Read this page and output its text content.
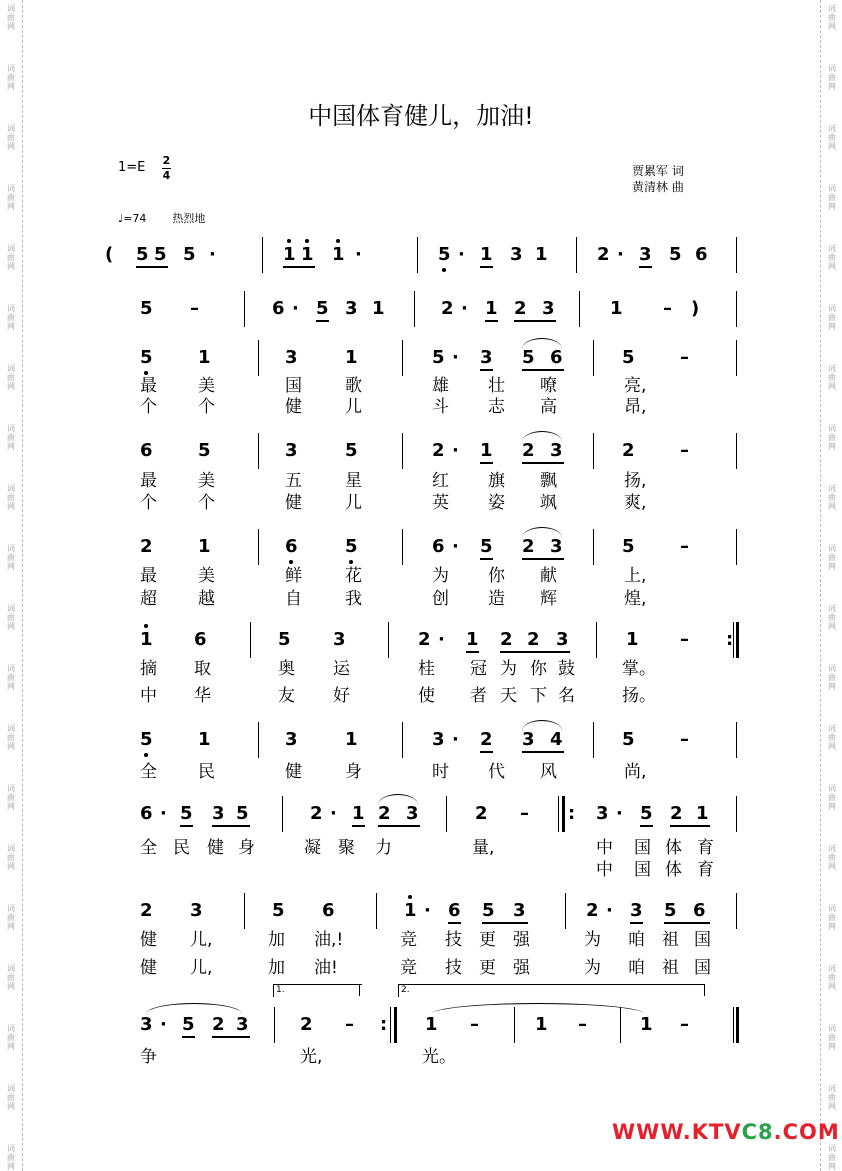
词
曲
网
词
曲
网
词
曲
网
词
曲
网
词
曲
网
词
曲
网
词
曲
网
词
曲
网
词
曲
网
词
曲
网
词
曲
网
词
曲
网
词
曲
网
词
曲
网
词
曲
网
词
曲
网
词
曲
网
词
曲
网
词
曲
网
词
曲
网
词
曲
网
词
曲
网
词
曲
网
词
曲
网
词
曲
网
词
曲
网
词
曲
网
词
曲
网
词
曲
网
词
曲
网
词
曲
网
词
曲
网
词
曲
网
词
曲
网
词
曲
网
词
曲
网
词
曲
网
词
曲
网
词
曲
网
词
曲
网
中国体育健儿，加油!
1=E 2
4	贾累军 词
黄清林 曲
♩=74 热烈地
( 5 5 5 ·	1 1 1 ·	5 · 1 3 1	2 · 3 5 6
5 –	6 · 5 3 1	2 · 1 2 3	1 – )
5	1	3	1	5 · 3 5 6	5	–
最 美	国	歌	雄 壮 嘹	亮,
个 个	健	儿	斗 志 高	昂,
6	5	3	5	2 · 1 2 3	2	–
最 美	五	星	红 旗 飘	扬,
个 个	健	儿	英 姿 飒	爽,
2	1	6	5	6 · 5 2 3	5	–
最 美	鲜	花	为 你 献	上,
超 越	自	我	创 造 辉	煌,
1 6	5 3	2 · 1 2 2 3	1 – :
摘 取	奥 运	桂 冠 为 你 鼓	掌。
中 华	友 好	使 者 天 下 名	扬。
5	1	3	1	3 · 2 3 4	5	–
全 民	健	身	时 代 风	尚,
6 · 5 3 5	2 · 1 2 3	2 – : 3 · 5 2 1
全 民 健 身	凝 聚 力	量,	中 国 体 育
中 国 体 育
2 3	5 6	1 · 6 5 3	2 · 3 5 6
健 儿,	加 油,!	竞 技 更 强	为 咱 祖 国
健 儿,	加 油!	竞 技 更 强	为 咱 祖 国
1.	2.
3 · 5 2 3	2 – : 1 –	1 –	1 –
争	光,	光。
WWW.KTVC8.COM
